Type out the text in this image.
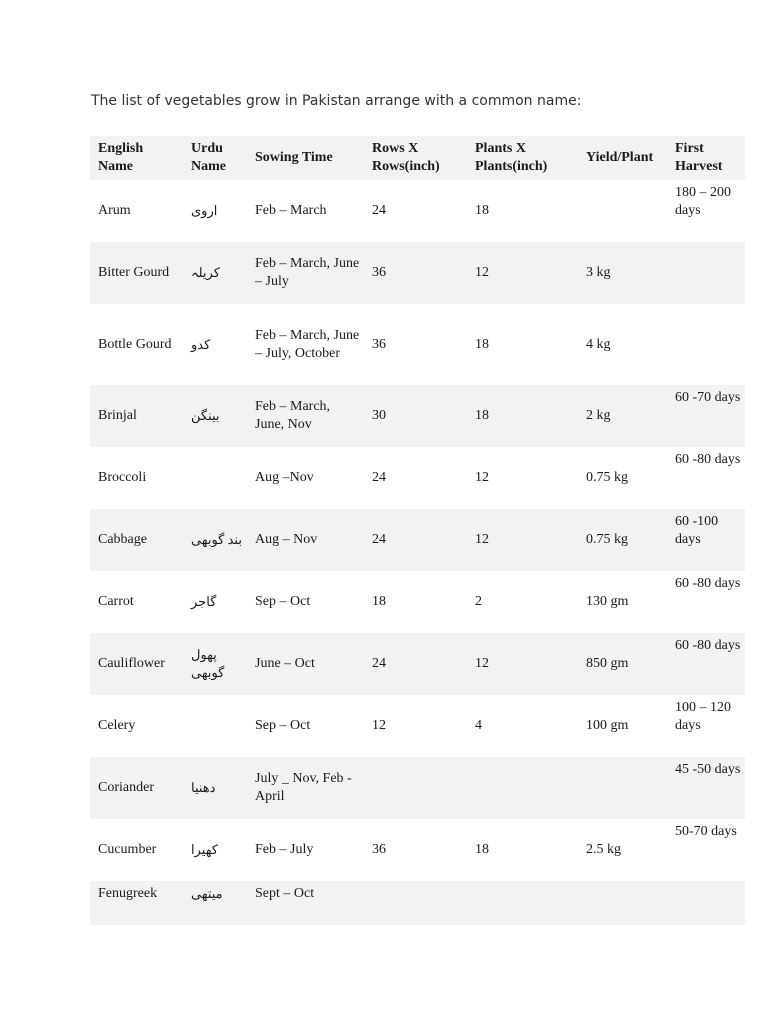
The list of vegetables grow in Pakistan arrange with a common name:
English Name	Urdu Name	Sowing Time	Rows X Rows(inch)	Plants X Plants(inch)	Yield/Plant	First Harvest
Arum	اروی	Feb – March	24	18		180 – 200 days
Bitter Gourd	کریلہ	Feb – March, June – July	36	12	3 kg	
Bottle Gourd	کدو	Feb – March, June – July, October	36	18	4 kg	
Brinjal	بینگن	Feb – March, June, Nov	30	18	2 kg	60 -70 days
Broccoli		Aug –Nov	24	12	0.75 kg	60 -80 days
Cabbage	بند گوبھی	Aug – Nov	24	12	0.75 kg	60 -100 days
Carrot	گاجر	Sep – Oct	18	2	130 gm	60 -80 days
Cauliflower	پھول گوبھی	June – Oct	24	12	850 gm	60 -80 days
Celery		Sep – Oct	12	4	100 gm	100 – 120 days
Coriander	دھنیا	July _ Nov, Feb -April				45 -50 days
Cucumber	کھیرا	Feb – July	36	18	2.5 kg	50-70 days
Fenugreek	میتھی	Sept – Oct				
